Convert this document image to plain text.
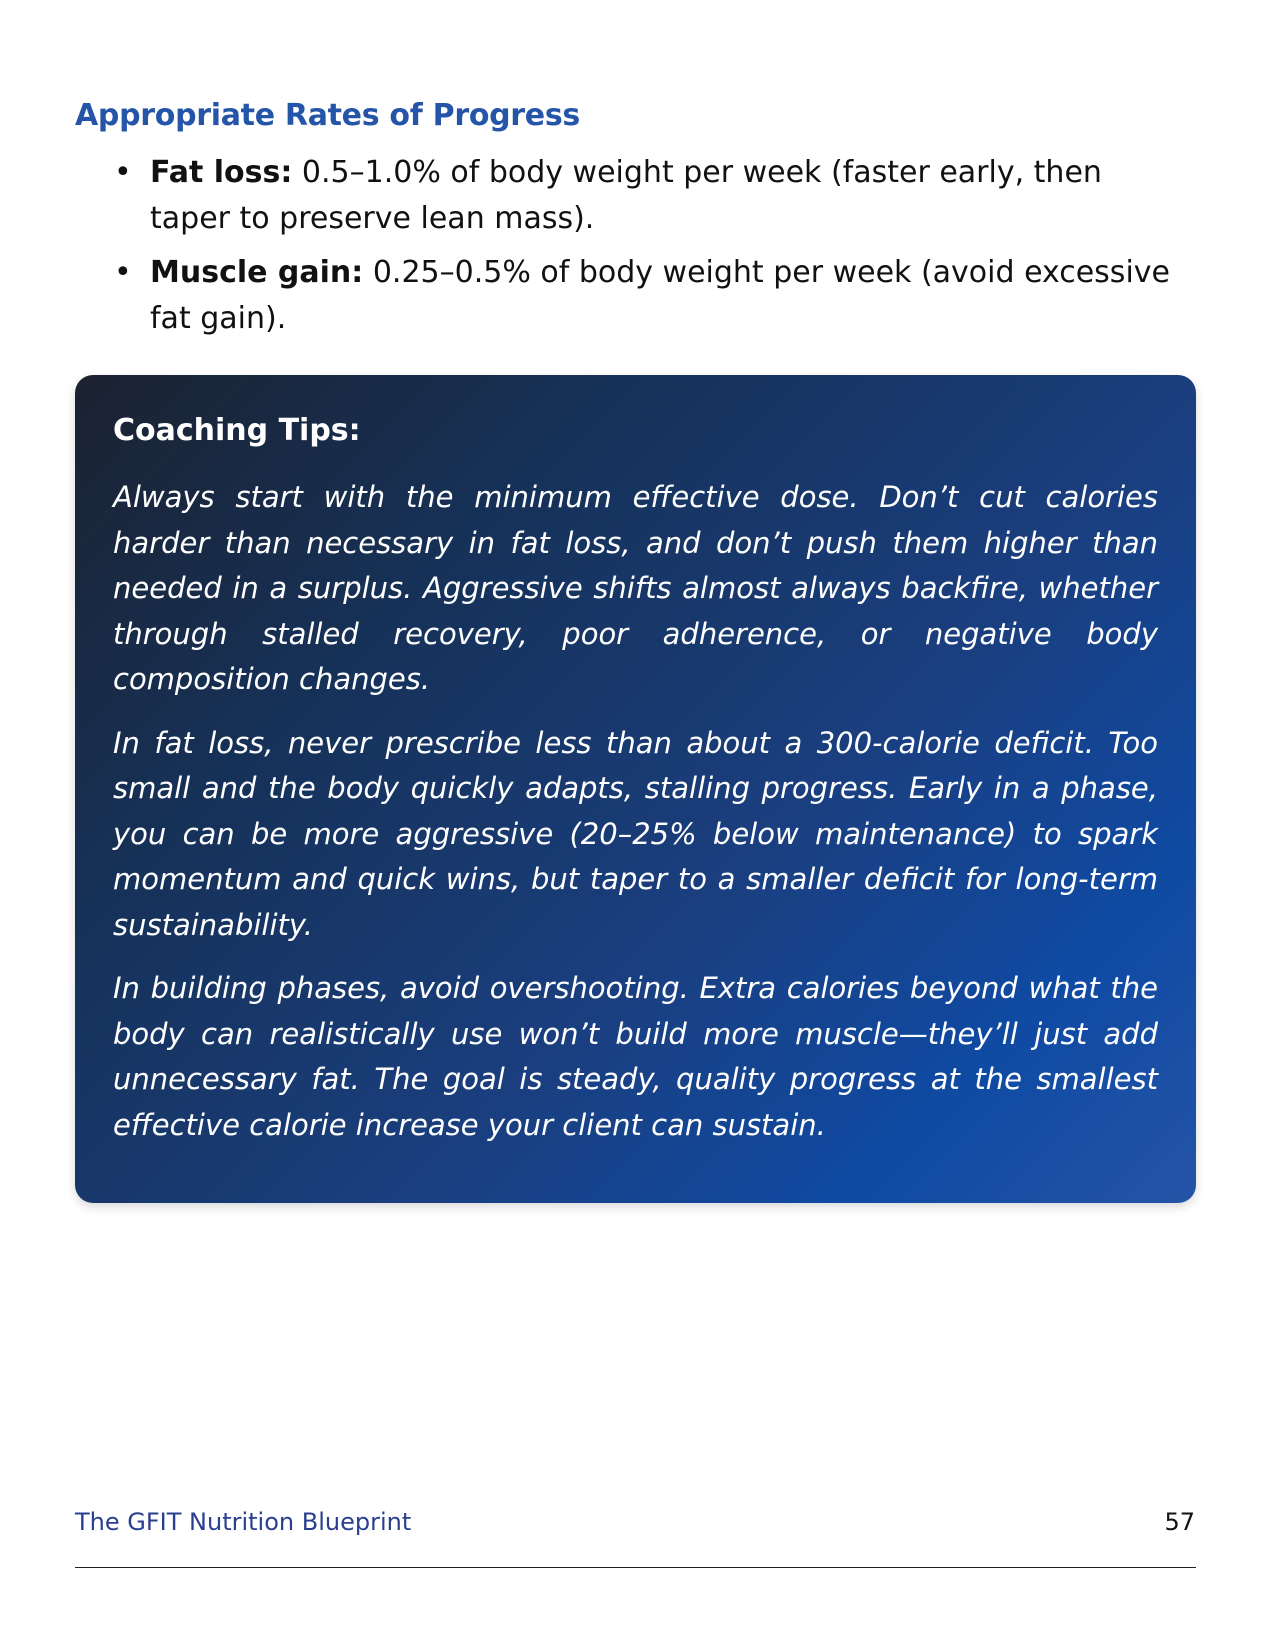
Appropriate Rates of Progress
• Fat loss: 0.5–1.0% of body weight per week (faster early, then taper to preserve lean mass).
• Muscle gain: 0.25–0.5% of body weight per week (avoid excessive fat gain).
Coaching Tips:

Always start with the minimum effective dose. Don’t cut calories harder than necessary in fat loss, and don’t push them higher than needed in a surplus. Aggressive shifts almost always backfire, whether through stalled recovery, poor adherence, or negative body composition changes.

In fat loss, never prescribe less than about a 300-calorie deficit. Too small and the body quickly adapts, stalling progress. Early in a phase, you can be more aggressive (20–25% below maintenance) to spark momentum and quick wins, but taper to a smaller deficit for long-term sustainability.

In building phases, avoid overshooting. Extra calories beyond what the body can realistically use won’t build more muscle—they’ll just add unnecessary fat. The goal is steady, quality progress at the smallest effective calorie increase your client can sustain.

The GFIT Nutrition Blueprint	57
